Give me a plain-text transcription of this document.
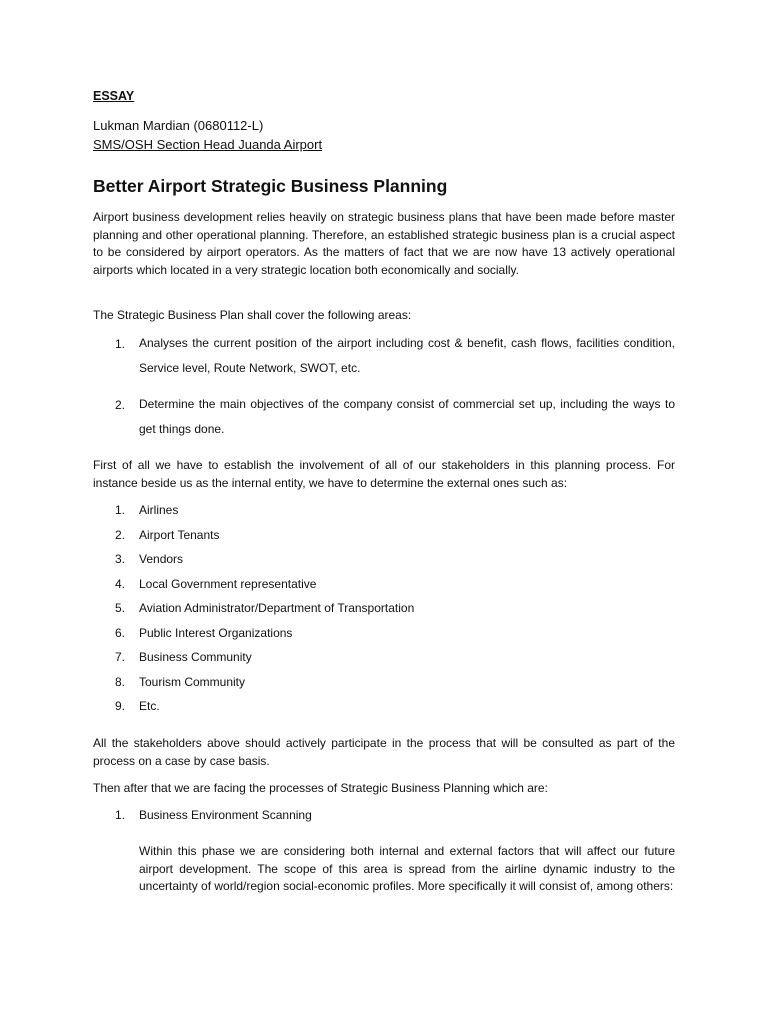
ESSAY

Lukman Mardian (0680112-L)

SMS/OSH Section Head Juanda Airport

Better Airport Strategic Business Planning

Airport business development relies heavily on strategic business plans that have been made before master planning and other operational planning. Therefore, an established strategic business plan is a crucial aspect to be considered by airport operators. As the matters of fact that we are now have 13 actively operational airports which located in a very strategic location both economically and socially.

The Strategic Business Plan shall cover the following areas:

1.	Analyses the current position of the airport including cost & benefit, cash flows, facilities condition, Service level, Route Network, SWOT, etc.
2.	Determine the main objectives of the company consist of commercial set up, including the ways to get things done.

First of all we have to establish the involvement of all of our stakeholders in this planning process. For instance beside us as the internal entity, we have to determine the external ones such as:

1.	Airlines
2.	Airport Tenants
3.	Vendors
4.	Local Government representative
5.	Aviation Administrator/Department of Transportation
6.	Public Interest Organizations
7.	Business Community
8.	Tourism Community
9.	Etc.

All the stakeholders above should actively participate in the process that will be consulted as part of the process on a case by case basis.

Then after that we are facing the processes of Strategic Business Planning which are:

1.	Business Environment Scanning

Within this phase we are considering both internal and external factors that will affect our future airport development. The scope of this area is spread from the airline dynamic industry to the uncertainty of world/region social-economic profiles. More specifically it will consist of, among others:
